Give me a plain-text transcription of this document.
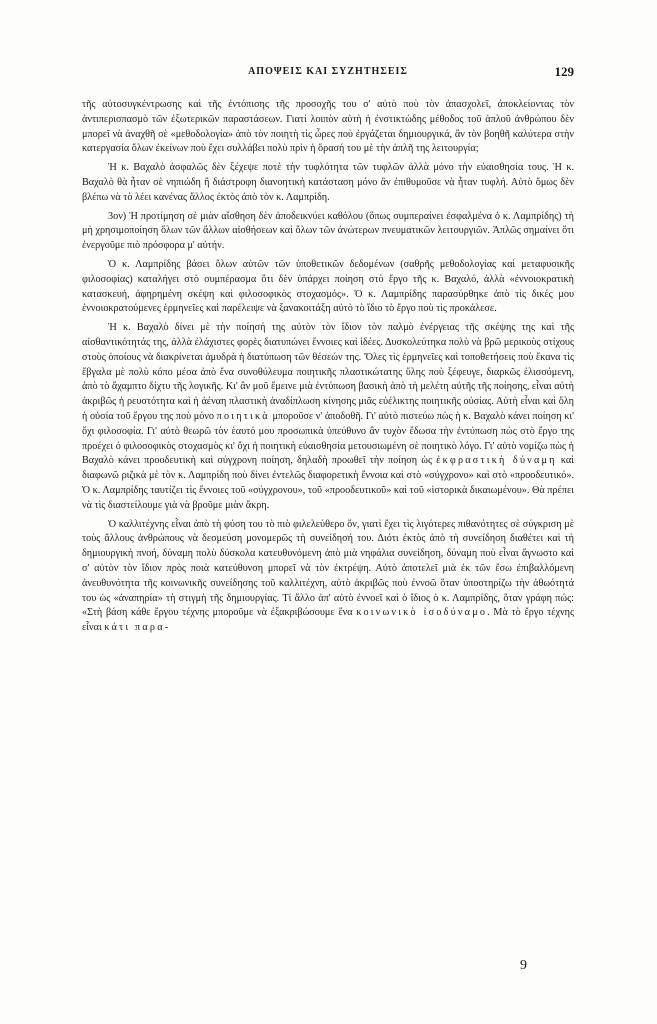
ΑΠΟΨΕΙΣ ΚΑΙ ΣΥΖΗΤΗΣΕΙΣ	129

τῆς αὐτοσυγκέντρωσης καὶ τῆς ἐντόπισης τῆς προσοχῆς του σ' αὐτὸ ποὺ τὸν ἀπασχολεῖ, ἀποκλείοντας τὸν ἀντιπερισπασμὸ τῶν ἐξωτερικῶν παραστάσεων. Γιατί λοιπὸν αὐτὴ ἡ ἐνστικτώδης μέθοδος τοῦ ἁπλοῦ ἀνθρώπου δὲν μπορεῖ νὰ ἀναχθῆ σὲ «μεθοδολογία» ἀπὸ τὸν ποιητὴ τὶς ὧρες ποὺ ἐργάζεται δημιουργικά, ἂν τὸν βοηθῆ καλύτερα στὴν κατεργασία ὅλων ἐκείνων ποὺ ἔχει συλλάβει πολὺ πρὶν ἡ ὅρασή του μὲ τὴν ἁπλῆ της λειτουργία;

Ἡ κ. Βαχαλὸ ἀσφαλῶς δὲν ξέχεψε ποτὲ τὴν τυφλότητα τῶν τυφλῶν ἀλλὰ μόνο τὴν εὐαισθησία τους. Ἡ κ. Βαχαλὸ θὰ ἦταν σὲ νηπιώδη ἢ διάστροφη διανοητικὴ κατάσταση μόνο ἂν ἐπιθυμοῦσε νὰ ἦταν τυφλή. Αὐτὸ ὅμως δὲν βλέπω νὰ τὸ λέει κανένας ἄλλος ἐκτὸς ἀπὸ τὸν κ. Λαμπρίδη.

3ον) Ἡ προτίμηση σὲ μιὰν αἴσθηση δὲν ἀποδεικνύει καθόλου (ὅπως συμπεραίνει ἐσφαλμένα ὁ κ. Λαμπρίδης) τὴ μὴ χρησιμοποίηση ὅλων τῶν ἄλλων αἰσθήσεων καὶ ὅλων τῶν ἀνώτερων πνευματικῶν λειτουργιῶν. Ἁπλῶς σημαίνει ὅτι ἐνεργοῦμε πιὸ πρόσφορα μ' αὐτήν.

Ὁ κ. Λαμπρίδης βάσει ὅλων αὐτῶν τῶν ὑποθετικῶν δεδομένων (σαθρῆς μεθοδολογίας καὶ μεταφυσικῆς φιλοσοφίας) καταλήγει στὸ συμπέρασμα ὅτι δὲν ὑπάρχει ποίηση στὸ ἔργο τῆς κ. Βαχαλό, ἀλλὰ «ἐννοιοκρατικὴ κατασκευή, ἀφηρημένη σκέψη καὶ φιλοσοφικὸς στοχασμός». Ὁ κ. Λαμπρίδης παρασύρθηκε ἀπὸ τὶς δικές μου ἐννοιοκρατούμενες ἑρμηνεῖες καὶ παρέλειψε νὰ ξανακοιτάξη αὐτὸ τὸ ἴδιο τὸ ἔργο ποὺ τὶς προκάλεσε.

Ἡ κ. Βαχαλὸ δίνει μὲ τὴν ποίησή της αὐτὸν τὸν ἴδιον τὸν παλμὸ ἐνέργειας τῆς σκέψης της καὶ τῆς αἰσθαντικότητάς της, ἀλλὰ ἐλάχιστες φορὲς διατυπώνει ἔννοιες καὶ ἰδέες. Δυσκολεύτηκα πολὺ νὰ βρῶ μερικοὺς στίχους στοὺς ὁποίους νὰ διακρίνεται ἀμυδρὰ ἡ διατύπωση τῶν θέσεών της. Ὅλες τὶς ἑρμηνεῖες καὶ τοποθετήσεις ποὺ ἔκανα τὶς ἔβγαλα μὲ πολὺ κόπο μέσα ἀπὸ ἕνα συνοθύλευμα ποιητικῆς πλαστικώτατης ὕλης ποὺ ξέφευγε, διαρκῶς ἑλισσόμενη, ἀπὸ τὸ ἄχαμπτο δίχτυ τῆς λογικῆς. Κι' ἂν μοῦ ἔμεινε μιὰ ἐντύπωση βασικὴ ἀπὸ τὴ μελέτη αὐτῆς τῆς ποίησης, εἶναι αὐτὴ ἀκριβῶς ἡ ρευστότητα καὶ ἡ ἀέναη πλαστικὴ ἀναδίπλωση κίνησης μιᾶς εὐέλικτης ποιητικῆς οὐσίας. Αὐτὴ εἶναι καὶ ὅλη ἡ οὐσία τοῦ ἔργου της ποὺ μόνο ποιητικὰ μποροῦσε ν' ἀποδοθῆ. Γι' αὐτὸ πιστεύω πὼς ἡ κ. Βαχαλὸ κάνει ποίηση κι' ὄχι φιλοσοφία. Γι' αὐτὸ θεωρῶ τὸν ἑαυτό μου προσωπικὰ ὑπεύθυνο ἂν τυχὸν ἔδωσα τὴν ἐντύπωση πὼς στὸ ἔργο της προέχει ὁ φιλοσοφικὸς στοχασμὸς κι' ὄχι ἡ ποιητικὴ εὐαισθησία μετουσιωμένη σὲ ποιητικὸ λόγο. Γι' αὐτὸ νομίζω πὼς ἡ Βαχαλὸ κάνει προοδευτικὴ καὶ σύγχρονη ποίηση, δηλαδὴ προωθεῖ τὴν ποίηση ὡς ἐκφραστικὴ δύναμη καὶ διαφωνῶ ριζικὰ μὲ τὸν κ. Λαμπρίδη ποὺ δίνει ἐντελῶς διαφορετικὴ ἔννοια καὶ στὸ «σύγχρονο» καὶ στὸ «προοδευτικό». Ὁ κ. Λαμπρίδης ταυτίζει τὶς ἔννοιες τοῦ «σύγχρονου», τοῦ «προοδευτικοῦ» καὶ τοῦ «ἱστορικὰ δικαιωμένου». Θὰ πρέπει νὰ τὶς διαστείλουμε γιὰ νὰ βροῦμε μιὰν ἄκρη.

Ὁ καλλιτέχνης εἶναι ἀπὸ τὴ φύση του τὸ πιὸ φιλελεύθερο ὄν, γιατὶ ἔχει τὶς λιγότερες πιθανότητες σὲ σύγκριση μὲ τοὺς ἄλλους ἀνθρώπους νὰ δεσμεύση μονομερῶς τὴ συνείδησή του. Διότι ἐκτὸς ἀπὸ τὴ συνείδηση διαθέτει καὶ τὴ δημιουργικὴ πνοή, δύναμη πολὺ δύσκολα κατευθυνόμενη ἀπὸ μιὰ νηφάλια συνείδηση, δύναμη ποὺ εἶναι ἄγνωστο καὶ σ' αὐτὸν τὸν ἴδιον πρὸς ποιὰ κατεύθυνση μπορεῖ νὰ τὸν ἐκτρέψη. Αὐτὸ ἀποτελεῖ μιὰ ἐκ τῶν ἔσω ἐπιβαλλόμενη ἀνευθυνότητα τῆς κοινωνικῆς συνείδησης τοῦ καλλιτέχνη, αὐτὸ ἀκριβῶς ποὺ ἐννοῶ ὅταν ὑποστηρίζω τὴν ἀθωότητά του ὡς «ἀναπηρία» τὴ στιγμὴ τῆς δημιουργίας. Τί ἄλλο ἀπ' αὐτὸ ἐννοεῖ καὶ ὁ ἴδιος ὁ κ. Λαμπρίδης, ὅταν γράφη πώς: «Στὴ βάση κάθε ἔργου τέχνης μποροῦμε νὰ ἐξακριβώσουμε ἕνα κοινωνικὸ ἰσοδύναμο. Μὰ τὸ ἔργο τέχνης εἶναι κάτι παρα-

9
